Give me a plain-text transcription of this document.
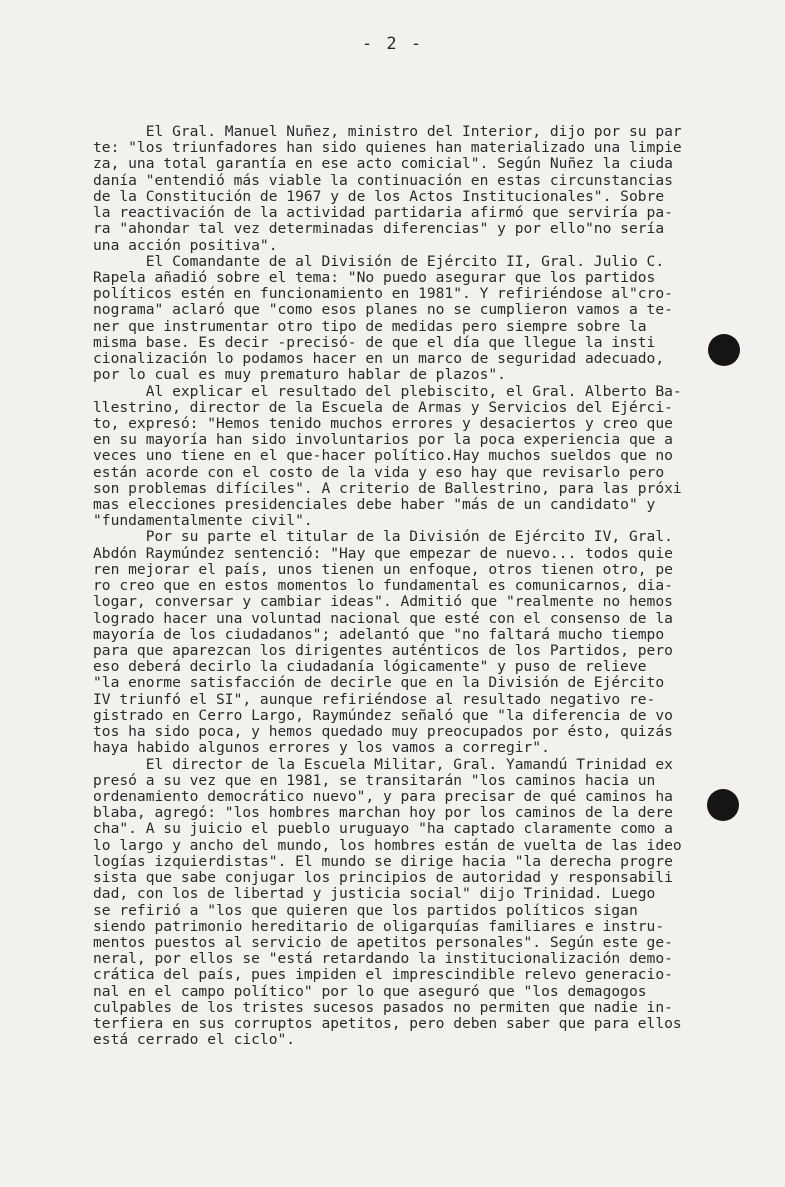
- 2 -
El Gral. Manuel Nuñez, ministro del Interior, dijo por su par
te: "los triunfadores han sido quienes han materializado una limpie
za, una total garantía en ese acto comicial". Según Nuñez la ciuda
danía "entendió más viable la continuación en estas circunstancias
de la Constitución de 1967 y de los Actos Institucionales". Sobre
la reactivación de la actividad partidaria afirmó que serviría pa-
ra "ahondar tal vez determinadas diferencias" y por ello"no sería
una acción positiva".
El Comandante de al División de Ejército II, Gral. Julio C.
Rapela añadió sobre el tema: "No puedo asegurar que los partidos
políticos estén en funcionamiento en 1981". Y refiriéndose al"cro-
nograma" aclaró que "como esos planes no se cumplieron vamos a te-
ner que instrumentar otro tipo de medidas pero siempre sobre la
misma base. Es decir -precisó- de que el día que llegue la insti
cionalización lo podamos hacer en un marco de seguridad adecuado,
por lo cual es muy prematuro hablar de plazos".
Al explicar el resultado del plebiscito, el Gral. Alberto Ba-
llestrino, director de la Escuela de Armas y Servicios del Ejérci-
to, expresó: "Hemos tenido muchos errores y desaciertos y creo que
en su mayoría han sido involuntarios por la poca experiencia que a
veces uno tiene en el que-hacer político.Hay muchos sueldos que no
están acorde con el costo de la vida y eso hay que revisarlo pero
son problemas difíciles". A criterio de Ballestrino, para las próxi
mas elecciones presidenciales debe haber "más de un candidato" y
"fundamentalmente civil".
Por su parte el titular de la División de Ejército IV, Gral.
Abdón Raymúndez sentenció: "Hay que empezar de nuevo... todos quie
ren mejorar el país, unos tienen un enfoque, otros tienen otro, pe
ro creo que en estos momentos lo fundamental es comunicarnos, dia-
logar, conversar y cambiar ideas". Admitió que "realmente no hemos
logrado hacer una voluntad nacional que esté con el consenso de la
mayoría de los ciudadanos"; adelantó que "no faltará mucho tiempo
para que aparezcan los dirigentes auténticos de los Partidos, pero
eso deberá decirlo la ciudadanía lógicamente" y puso de relieve
"la enorme satisfacción de decirle que en la División de Ejército
IV triunfó el SI", aunque refiriéndose al resultado negativo re-
gistrado en Cerro Largo, Raymúndez señaló que "la diferencia de vo
tos ha sido poca, y hemos quedado muy preocupados por ésto, quizás
haya habido algunos errores y los vamos a corregir".
El director de la Escuela Militar, Gral. Yamandú Trinidad ex
presó a su vez que en 1981, se transitarán "los caminos hacia un
ordenamiento democrático nuevo", y para precisar de qué caminos ha
blaba, agregó: "los hombres marchan hoy por los caminos de la dere
cha". A su juicio el pueblo uruguayo "ha captado claramente como a
lo largo y ancho del mundo, los hombres están de vuelta de las ideo
logías izquierdistas". El mundo se dirige hacia "la derecha progre
sista que sabe conjugar los principios de autoridad y responsabili
dad, con los de libertad y justicia social" dijo Trinidad. Luego
se refirió a "los que quieren que los partidos políticos sigan
siendo patrimonio hereditario de oligarquías familiares e instru-
mentos puestos al servicio de apetitos personales". Según este ge-
neral, por ellos se "está retardando la institucionalización demo-
crática del país, pues impiden el imprescindible relevo generacio-
nal en el campo político" por lo que aseguró que "los demagogos
culpables de los tristes sucesos pasados no permiten que nadie in-
terfiera en sus corruptos apetitos, pero deben saber que para ellos
está cerrado el ciclo".
